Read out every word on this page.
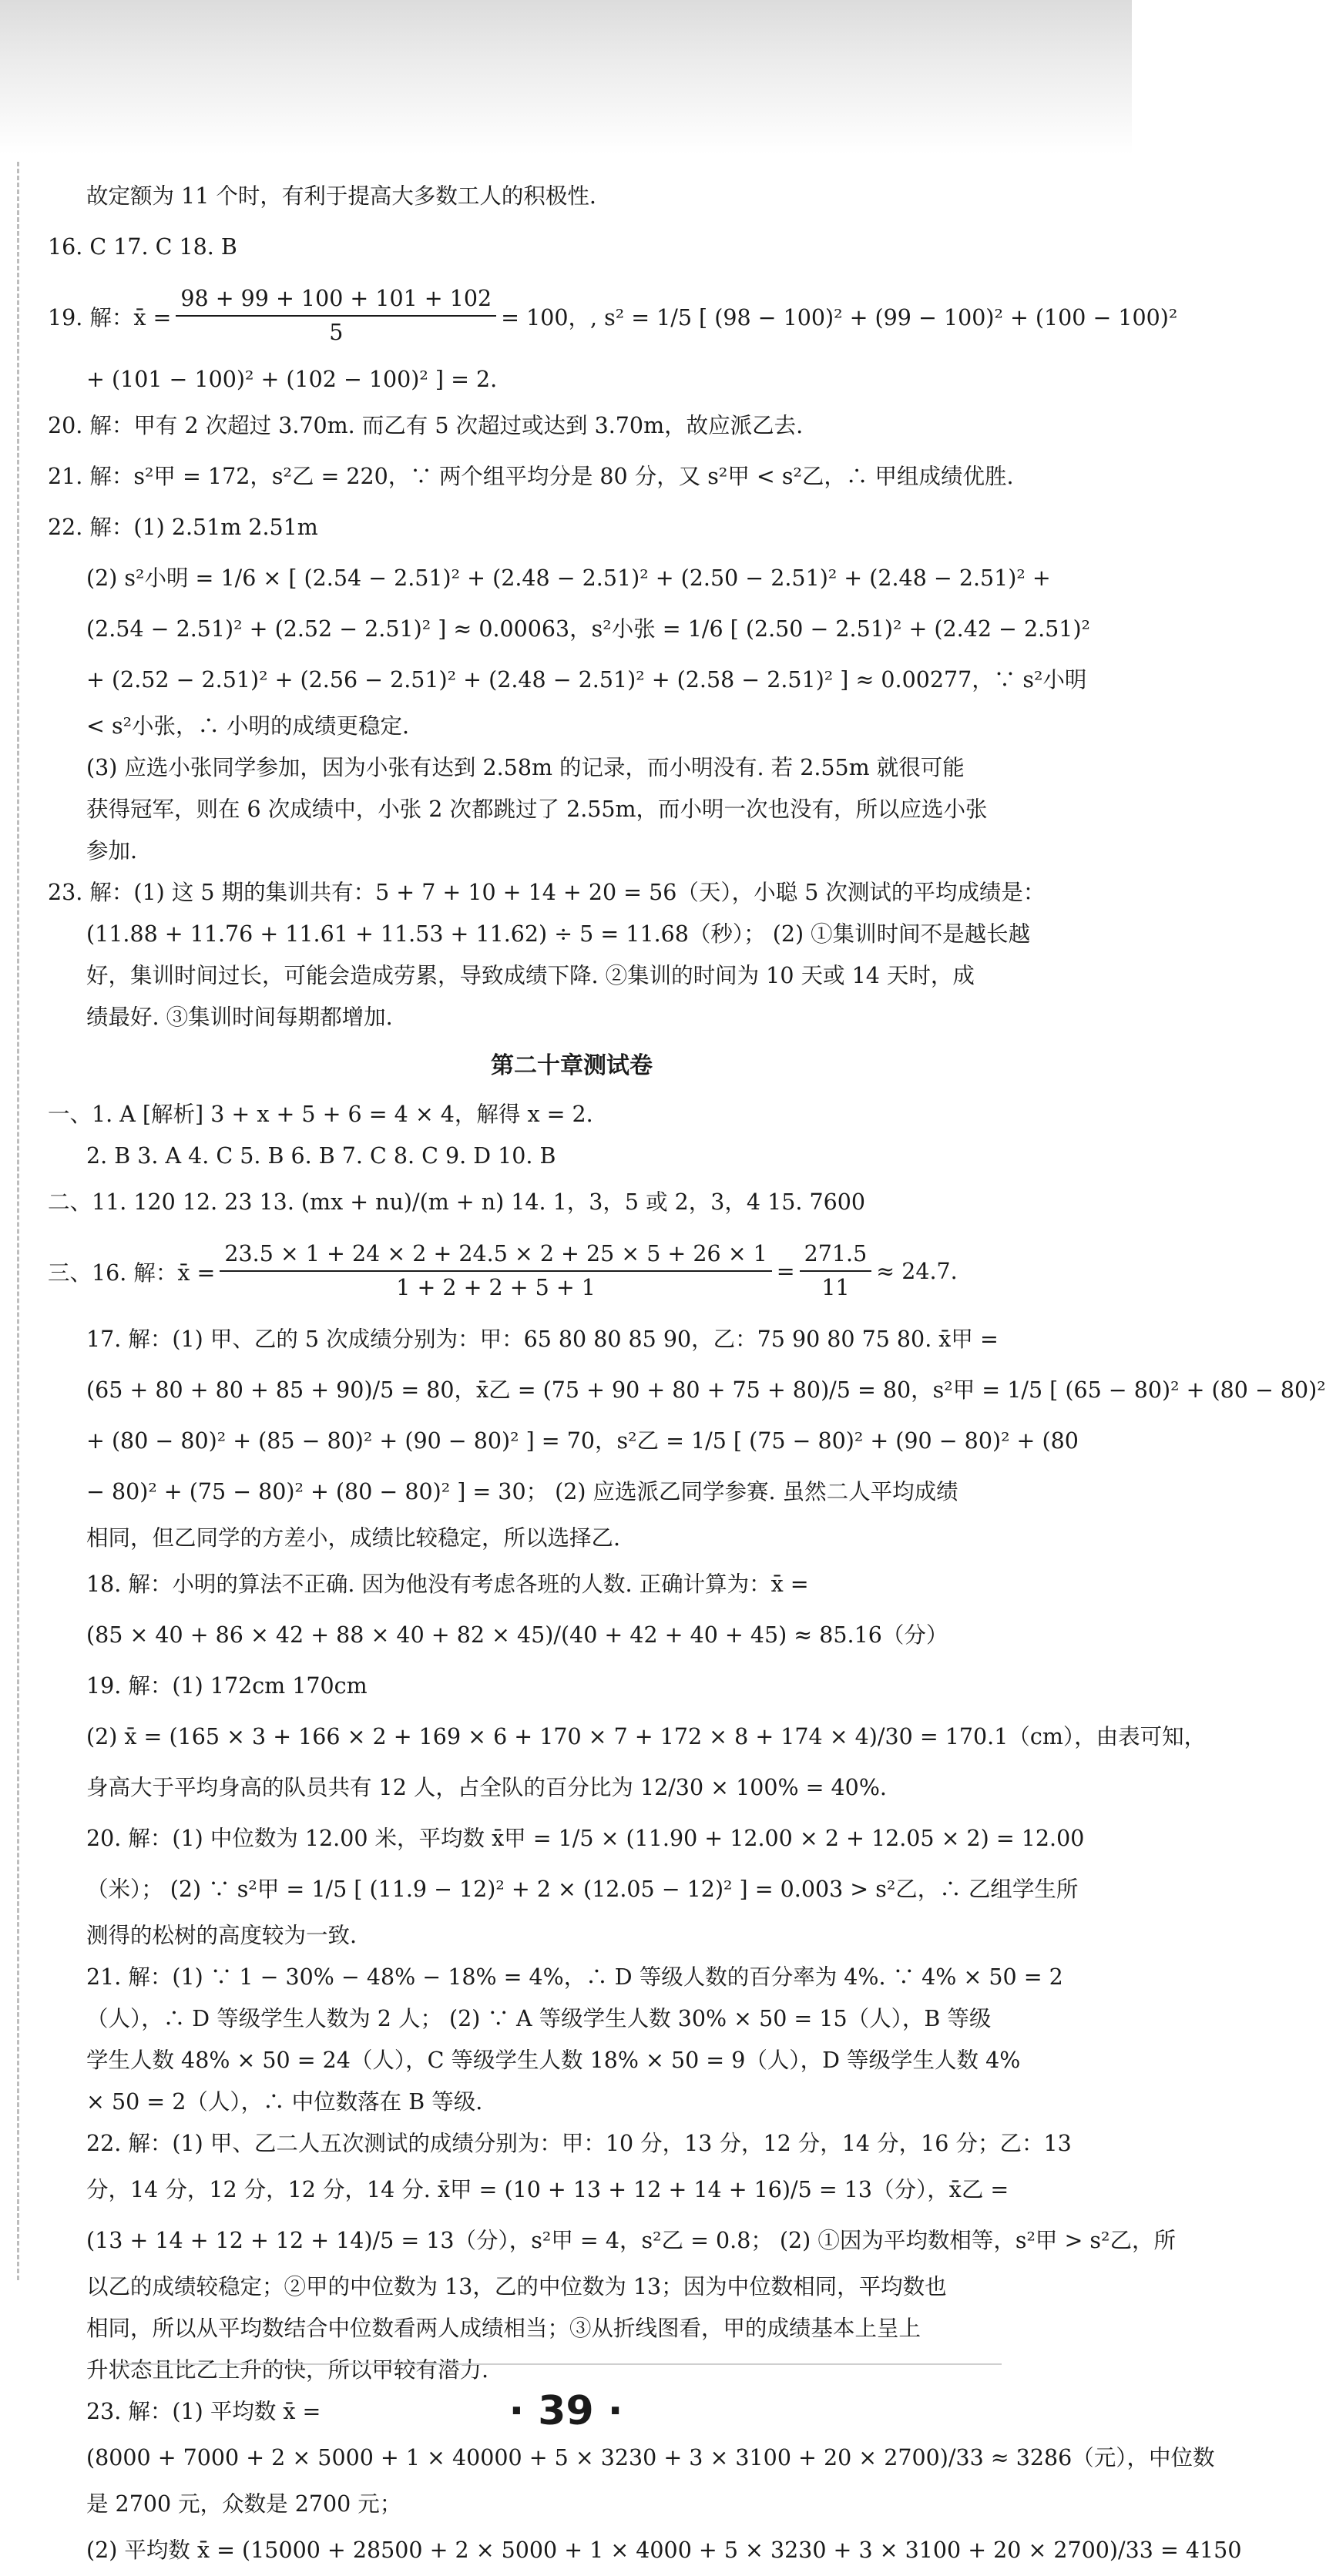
故定额为 11 个时，有利于提高大多数工人的积极性.
16. C 17. C 18. B
19. 解：x̄ = $\frac{98 + 99 + 100 + 101 + 102}{5} = 100$，, s² = 1/5 [ (98 − 100)² + (99 − 100)² + (100 − 100)²
+ (101 − 100)² + (102 − 100)² ] = 2.
20. 解：甲有 2 次超过 3.70m. 而乙有 5 次超过或达到 3.70m，故应派乙去.
21. 解：s²甲 = 172，s²乙 = 220，∵ 两个组平均分是 80 分，又 s²甲 < s²乙，∴ 甲组成绩优胜.
22. 解：(1) 2.51m 2.51m
(2) s²小明 = 1/6 × [ (2.54 − 2.51)² + (2.48 − 2.51)² + (2.50 − 2.51)² + (2.48 − 2.51)² +
(2.54 − 2.51)² + (2.52 − 2.51)² ] ≈ 0.00063，s²小张 = 1/6 [ (2.50 − 2.51)² + (2.42 − 2.51)²
+ (2.52 − 2.51)² + (2.56 − 2.51)² + (2.48 − 2.51)² + (2.58 − 2.51)² ] ≈ 0.00277，∵ s²小明
< s²小张，∴ 小明的成绩更稳定.
(3) 应选小张同学参加，因为小张有达到 2.58m 的记录，而小明没有. 若 2.55m 就很可能
获得冠军，则在 6 次成绩中，小张 2 次都跳过了 2.55m，而小明一次也没有，所以应选小张
参加.
23. 解：(1) 这 5 期的集训共有：5 + 7 + 10 + 14 + 20 = 56（天），小聪 5 次测试的平均成绩是：
(11.88 + 11.76 + 11.61 + 11.53 + 11.62) ÷ 5 = 11.68（秒）； (2) ①集训时间不是越长越
好，集训时间过长，可能会造成劳累，导致成绩下降. ②集训的时间为 10 天或 14 天时，成
绩最好. ③集训时间每期都增加.
第二十章测试卷
一、1. A [解析] 3 + x + 5 + 6 = 4 × 4，解得 x = 2.
2. B 3. A 4. C 5. B 6. B 7. C 8. C 9. D 10. B
二、11. 120 12. 23 13. (mx + nu)/(m + n) 14. 1，3，5 或 2，3，4 15. 7600
三、16. 解：x̄ = $\frac{23.5 \times 1 + 24 \times 2 + 24.5 \times 2 + 25 \times 5 + 26 \times 1}{1 + 2 + 2 + 5 + 1} = \frac{271.5}{11} \approx 24.7$.
17. 解：(1) 甲、乙的 5 次成绩分别为：甲：65 80 80 85 90，乙：75 90 80 75 80. x̄甲 =
(65 + 80 + 80 + 85 + 90)/5 = 80，x̄乙 = (75 + 90 + 80 + 75 + 80)/5 = 80，s²甲 = 1/5 [ (65 − 80)² + (80 − 80)²
+ (80 − 80)² + (85 − 80)² + (90 − 80)² ] = 70，s²乙 = 1/5 [ (75 − 80)² + (90 − 80)² + (80
− 80)² + (75 − 80)² + (80 − 80)² ] = 30； (2) 应选派乙同学参赛. 虽然二人平均成绩
相同，但乙同学的方差小，成绩比较稳定，所以选择乙.
18. 解：小明的算法不正确. 因为他没有考虑各班的人数. 正确计算为：x̄ =
(85 × 40 + 86 × 42 + 88 × 40 + 82 × 45)/(40 + 42 + 40 + 45) ≈ 85.16（分）
19. 解：(1) 172cm 170cm
(2) x̄ = (165 × 3 + 166 × 2 + 169 × 6 + 170 × 7 + 172 × 8 + 174 × 4)/30 = 170.1（cm），由表可知，
身高大于平均身高的队员共有 12 人，占全队的百分比为 12/30 × 100% = 40%.
20. 解：(1) 中位数为 12.00 米，平均数 x̄甲 = 1/5 × (11.90 + 12.00 × 2 + 12.05 × 2) = 12.00
（米）； (2) ∵ s²甲 = 1/5 [ (11.9 − 12)² + 2 × (12.05 − 12)² ] = 0.003 > s²乙，∴ 乙组学生所
测得的松树的高度较为一致.
21. 解：(1) ∵ 1 − 30% − 48% − 18% = 4%，∴ D 等级人数的百分率为 4%. ∵ 4% × 50 = 2
（人），∴ D 等级学生人数为 2 人； (2) ∵ A 等级学生人数 30% × 50 = 15（人），B 等级
学生人数 48% × 50 = 24（人），C 等级学生人数 18% × 50 = 9（人），D 等级学生人数 4%
× 50 = 2（人），∴ 中位数落在 B 等级.
22. 解：(1) 甲、乙二人五次测试的成绩分别为：甲：10 分，13 分，12 分，14 分，16 分；乙：13
分，14 分，12 分，12 分，14 分. x̄甲 = (10 + 13 + 12 + 14 + 16)/5 = 13（分），x̄乙 =
(13 + 14 + 12 + 12 + 14)/5 = 13（分），s²甲 = 4，s²乙 = 0.8； (2) ①因为平均数相等，s²甲 > s²乙，所
以乙的成绩较稳定；②甲的中位数为 13，乙的中位数为 13；因为中位数相同，平均数也
相同，所以从平均数结合中位数看两人成绩相当；③从折线图看，甲的成绩基本上呈上
升状态且比乙上升的快，所以甲较有潜力.
23. 解：(1) 平均数 x̄ =
(8000 + 7000 + 2 × 5000 + 1 × 40000 + 5 × 3230 + 3 × 3100 + 20 × 2700)/33 ≈ 3286（元），中位数
是 2700 元，众数是 2700 元；
(2) 平均数 x̄ = (15000 + 28500 + 2 × 5000 + 1 × 4000 + 5 × 3230 + 3 × 3100 + 20 × 2700)/33 = 4150
· 39 ·
